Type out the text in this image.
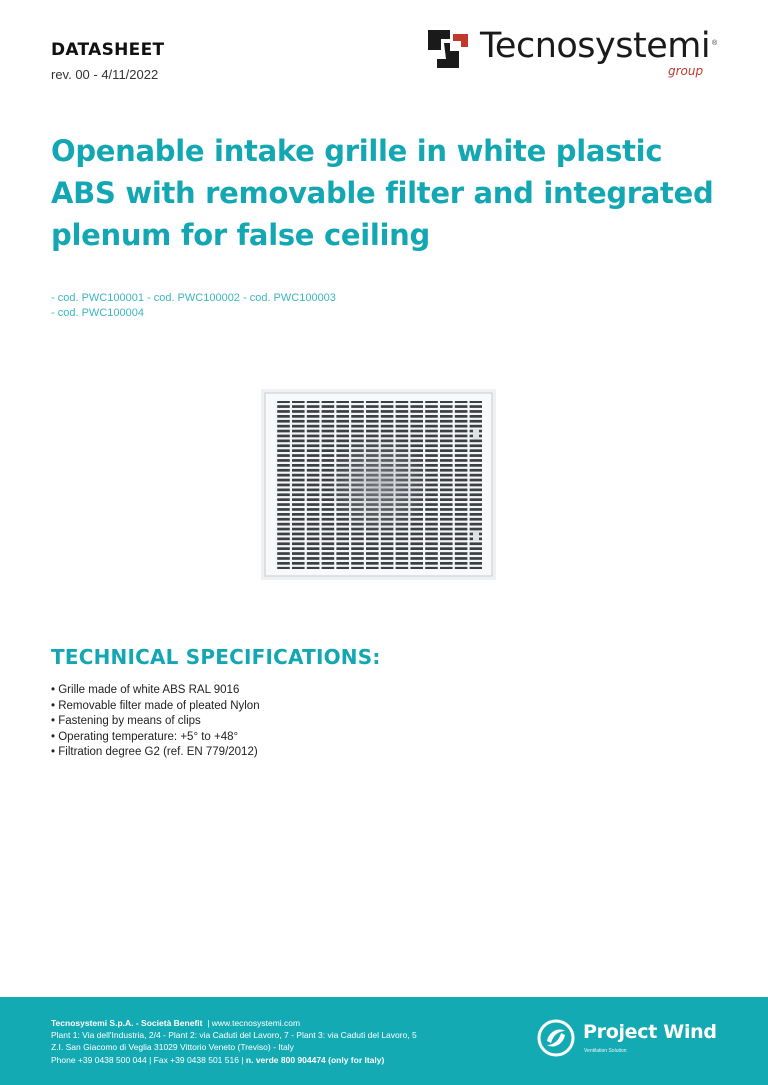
DATASHEET
rev. 00 - 4/11/2022
Tecnosystemi ®
group
Openable intake grille in white plastic ABS with removable filter and integrated plenum for false ceiling
- cod. PWC100001 - cod. PWC100002 - cod. PWC100003
- cod. PWC100004
TECHNICAL SPECIFICATIONS:
• Grille made of white ABS RAL 9016
• Removable filter made of pleated Nylon
• Fastening by means of clips
• Operating temperature: +5° to +48°
• Filtration degree G2 (ref. EN 779/2012)
Tecnosystemi S.p.A. - Società Benefit | www.tecnosystemi.com
Plant 1: Via dell'Industria, 2/4 - Plant 2: via Caduti del Lavoro, 7 - Plant 3: via Caduti del Lavoro, 5
Z.I. San Giacomo di Veglia 31029 Vittorio Veneto (Treviso) - Italy
Phone +39 0438 500 044 | Fax +39 0438 501 516 | n. verde 800 904474 (only for Italy)
Project Wind
Ventilation Solution
